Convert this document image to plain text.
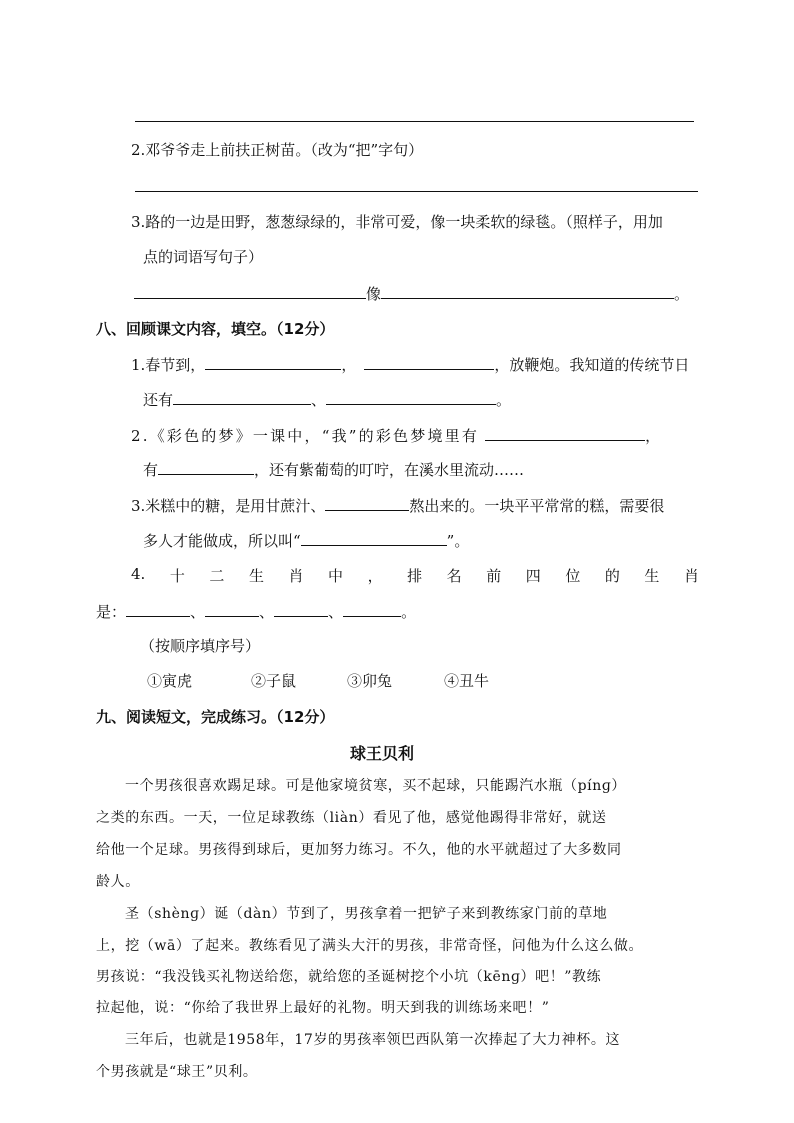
2.邓爷爷走上前扶正树苗。（改为“把”字句）
3.路的一边是田野，葱葱绿绿的，非常可爱，像一块柔软的绿毯。（照样子，用加
点的词语写句子）
像	。
八、回顾课文内容，填空。（12分）
1.春节到，	，	，放鞭炮。我知道的传统节日
还有	、	。
2.《彩色的梦》一课中，“我”的彩色梦境里有	，
有	，还有紫葡萄的叮咛，在溪水里流动……
3.米糕中的糖，是用甘蔗汁、	熬出来的。一块平平常常的糕，需要很
多人才能做成，所以叫“	”。
4. 十 二 生 肖 中 ， 排 名 前 四 位 的 生 肖
是：	、	、	、	。
（按顺序填序号）
①寅虎	②子鼠	③卯兔	④丑牛
九、阅读短文，完成练习。（12分）
球王贝利
一个男孩很喜欢踢足球。可是他家境贫寒，买不起球，只能踢汽水瓶（pínɡ）
之类的东西。一天，一位足球教练（liàn）看见了他，感觉他踢得非常好，就送
给他一个足球。男孩得到球后，更加努力练习。不久，他的水平就超过了大多数同
龄人。
圣（shènɡ）诞（dàn）节到了，男孩拿着一把铲子来到教练家门前的草地
上，挖（wā）了起来。教练看见了满头大汗的男孩，非常奇怪，问他为什么这么做。
男孩说：“我没钱买礼物送给您，就给您的圣诞树挖个小坑（kēnɡ）吧！”教练
拉起他，说：“你给了我世界上最好的礼物。明天到我的训练场来吧！”
三年后，也就是1958年，17岁的男孩率领巴西队第一次捧起了大力神杯。这
个男孩就是“球王”贝利。
